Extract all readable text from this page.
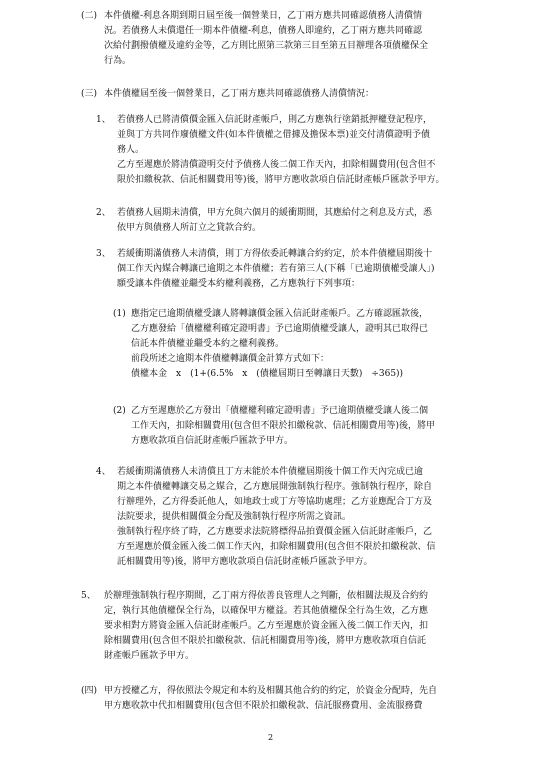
(二) 本件債權-利息各期到期日屆至後一個營業日，乙丁兩方應共同確認債務人清償情
況。若債務人未償還任一期本件債權-利息，債務人即違約，乙丁兩方應共同確認
次給付劃撥債權及違約金等，乙方則比照第三款第三目至第五目辦理各項債權保全
行為。
(三) 本件債權屆至後一個營業日，乙丁兩方應共同確認債務人清償情況：
1、 若債務人已將清償價金匯入信託財產帳戶，則乙方應執行塗銷抵押權登記程序，
並與丁方共同作廢債權文件(如本件債權之借據及擔保本票)並交付清償證明予債
務人。
乙方至遲應於將清償證明交付予債務人後二個工作天內，扣除相關費用(包含但不
限於扣繳稅款、信託相關費用等)後，將甲方應收款項自信託財產帳戶匯款予甲方。
2、 若債務人屆期未清償，甲方允與六個月的緩衝期間，其應給付之利息及方式，悉
依甲方與債務人所訂立之貸款合約。
3、 若緩衝期滿債務人未清償，則丁方得依委託轉讓合約約定，於本件債權屆期後十
個工作天內媒合轉讓已逾期之本件債權；若有第三人(下稱「已逾期債權受讓人」)
願受讓本件債權並繼受本約權利義務，乙方應執行下列事項：
(1) 應指定已逾期債權受讓人將轉讓價金匯入信託財產帳戶。乙方確認匯款後，
乙方應發給「債權權利確定證明書」予已逾期債權受讓人，證明其已取得已
信託本件債權並繼受本約之權利義務。
前段所述之逾期本件債權轉讓價金計算方式如下：
債權本金　x　(1+(6.5%　x　(債權屆期日至轉讓日天數)　÷365))
(2) 乙方至遲應於乙方發出「債權權利確定證明書」予已逾期債權受讓人後二個
工作天內，扣除相關費用(包含但不限於扣繳稅款、信託相關費用等)後，將甲
方應收款項自信託財產帳戶匯款予甲方。
4、 若緩衝期滿債務人未清償且丁方未能於本件債權屆期後十個工作天內完成已逾
期之本件債權轉讓交易之媒合，乙方應展開強制執行程序。強制執行程序，除自
行辦理外，乙方得委託他人，如地政士或丁方等協助處理；乙方並應配合丁方及
法院要求，提供相關價金分配及強制執行程序所需之資訊。
強制執行程序終了時，乙方應要求法院將標得品拍賣價金匯入信託財產帳戶，乙
方至遲應於價金匯入後二個工作天內，扣除相關費用(包含但不限於扣繳稅款、信
託相關費用等)後，將甲方應收款項自信託財產帳戶匯款予甲方。
5、 於辦理強制執行程序期間，乙丁兩方得依善良管理人之判斷，依相關法規及合約約
定，執行其他債權保全行為，以確保甲方權益。若其他債權保全行為生效，乙方應
要求相對方將資金匯入信託財產帳戶。乙方至遲應於資金匯入後二個工作天內，扣
除相關費用(包含但不限於扣繳稅款、信託相關費用等)後，將甲方應收款項自信託
財產帳戶匯款予甲方。
(四) 甲方授權乙方，得依照法令規定和本約及相關其他合約的約定，於資金分配時，先自
甲方應收款中代扣相關費用(包含但不限於扣繳稅款、信託服務費用、金流服務費
2
